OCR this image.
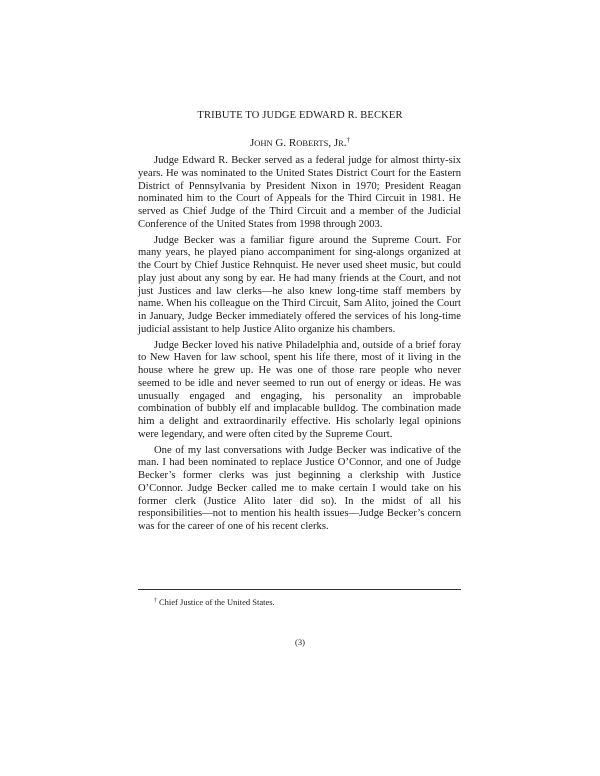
TRIBUTE TO JUDGE EDWARD R. BECKER
JOHN G. ROBERTS, JR.†

Judge Edward R. Becker served as a federal judge for almost thirty-six years. He was nominated to the United States District Court for the Eastern District of Pennsylvania by President Nixon in 1970; President Reagan nominated him to the Court of Appeals for the Third Circuit in 1981. He served as Chief Judge of the Third Circuit and a member of the Judicial Conference of the United States from 1998 through 2003.

Judge Becker was a familiar figure around the Supreme Court. For many years, he played piano accompaniment for sing-alongs organized at the Court by Chief Justice Rehnquist. He never used sheet music, but could play just about any song by ear. He had many friends at the Court, and not just Justices and law clerks—he also knew long-time staff members by name. When his colleague on the Third Circuit, Sam Alito, joined the Court in January, Judge Becker immediately offered the services of his long-time judicial assistant to help Justice Alito organize his chambers.

Judge Becker loved his native Philadelphia and, outside of a brief foray to New Haven for law school, spent his life there, most of it living in the house where he grew up. He was one of those rare people who never seemed to be idle and never seemed to run out of energy or ideas. He was unusually engaged and engaging, his personality an improbable combination of bubbly elf and implacable bulldog. The combination made him a delight and extraordinarily effective. His scholarly legal opinions were legendary, and were often cited by the Supreme Court.

One of my last conversations with Judge Becker was indicative of the man. I had been nominated to replace Justice O’Connor, and one of Judge Becker’s former clerks was just beginning a clerkship with Justice O’Connor. Judge Becker called me to make certain I would take on his former clerk (Justice Alito later did so). In the midst of all his responsibilities—not to mention his health issues—Judge Becker’s concern was for the career of one of his recent clerks.

† Chief Justice of the United States.
(3)
